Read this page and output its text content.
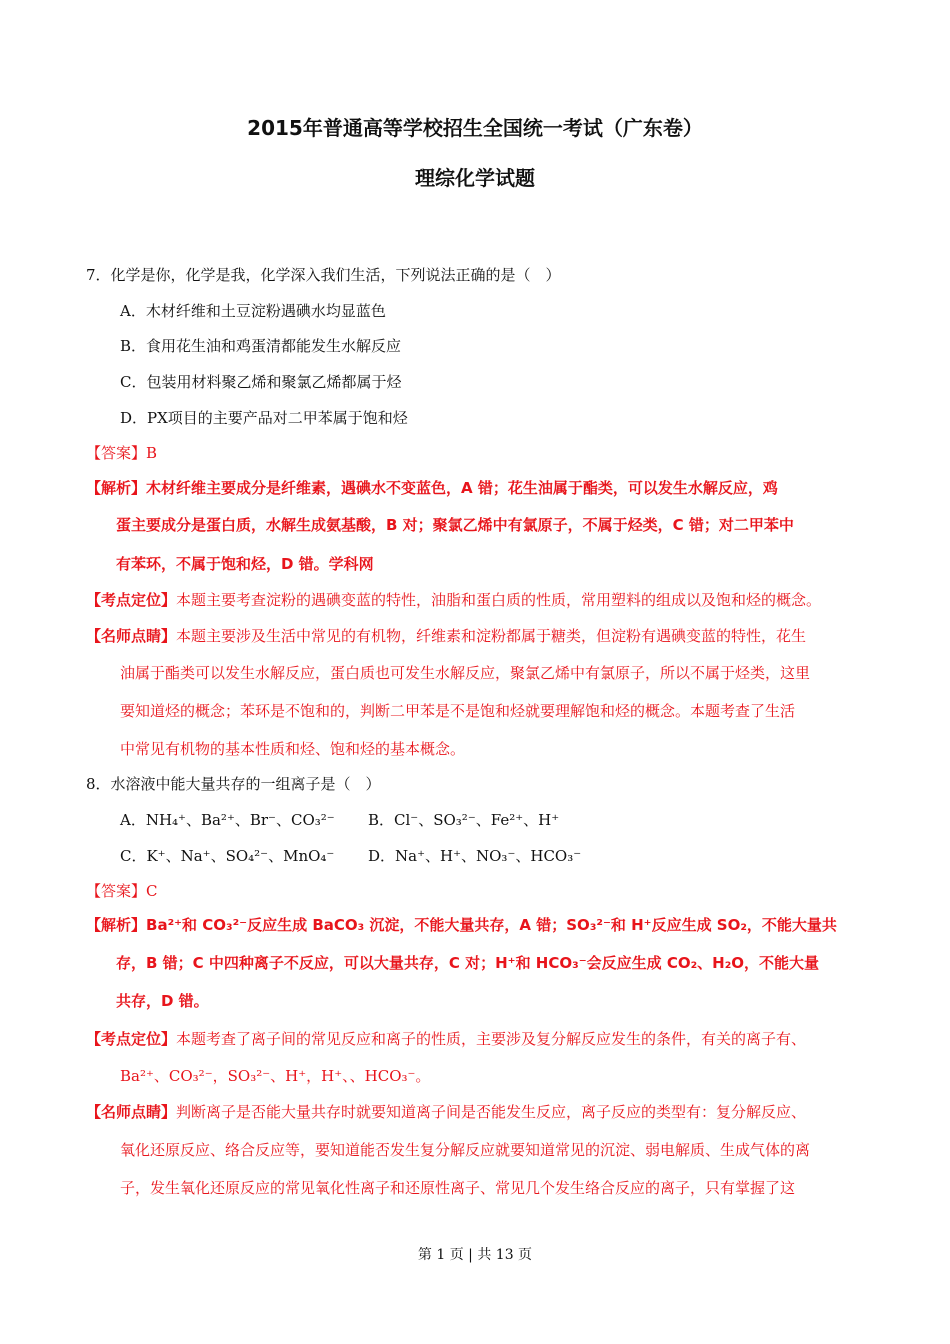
2015年普通高等学校招生全国统一考试（广东卷）
理综化学试题
7．化学是你，化学是我，化学深入我们生活，下列说法正确的是（　）
A．木材纤维和土豆淀粉遇碘水均显蓝色
B．食用花生油和鸡蛋清都能发生水解反应
C．包装用材料聚乙烯和聚氯乙烯都属于烃
D．PX项目的主要产品对二甲苯属于饱和烃
【答案】B
【解析】木材纤维主要成分是纤维素，遇碘水不变蓝色，A 错；花生油属于酯类，可以发生水解反应，鸡
蛋主要成分是蛋白质，水解生成氨基酸，B 对；聚氯乙烯中有氯原子，不属于烃类，C 错；对二甲苯中
有苯环，不属于饱和烃，D 错。学科网
【考点定位】本题主要考查淀粉的遇碘变蓝的特性，油脂和蛋白质的性质，常用塑料的组成以及饱和烃的概念。
【名师点睛】本题主要涉及生活中常见的有机物，纤维素和淀粉都属于糖类，但淀粉有遇碘变蓝的特性，花生
油属于酯类可以发生水解反应，蛋白质也可发生水解反应，聚氯乙烯中有氯原子，所以不属于烃类，这里
要知道烃的概念；苯环是不饱和的，判断二甲苯是不是饱和烃就要理解饱和烃的概念。本题考查了生活
中常见有机物的基本性质和烃、饱和烃的基本概念。
8．水溶液中能大量共存的一组离子是（　）
A．NH₄⁺、Ba²⁺、Br⁻、CO₃²⁻ B．Cl⁻、SO₃²⁻、Fe²⁺、H⁺
C．K⁺、Na⁺、SO₄²⁻、MnO₄⁻ D．Na⁺、H⁺、NO₃⁻、HCO₃⁻
【答案】C
【解析】Ba²⁺和 CO₃²⁻反应生成 BaCO₃ 沉淀，不能大量共存，A 错；SO₃²⁻和 H⁺反应生成 SO₂，不能大量共
存，B 错；C 中四种离子不反应，可以大量共存，C 对；H⁺和 HCO₃⁻会反应生成 CO₂、H₂O，不能大量
共存，D 错。
【考点定位】本题考查了离子间的常见反应和离子的性质，主要涉及复分解反应发生的条件，有关的离子有、
Ba²⁺、CO₃²⁻，SO₃²⁻、H⁺，H⁺、、HCO₃⁻。
【名师点睛】判断离子是否能大量共存时就要知道离子间是否能发生反应，离子反应的类型有：复分解反应、
氧化还原反应、络合反应等，要知道能否发生复分解反应就要知道常见的沉淀、弱电解质、生成气体的离
子，发生氧化还原反应的常见氧化性离子和还原性离子、常见几个发生络合反应的离子，只有掌握了这
第 1 页 | 共 13 页
